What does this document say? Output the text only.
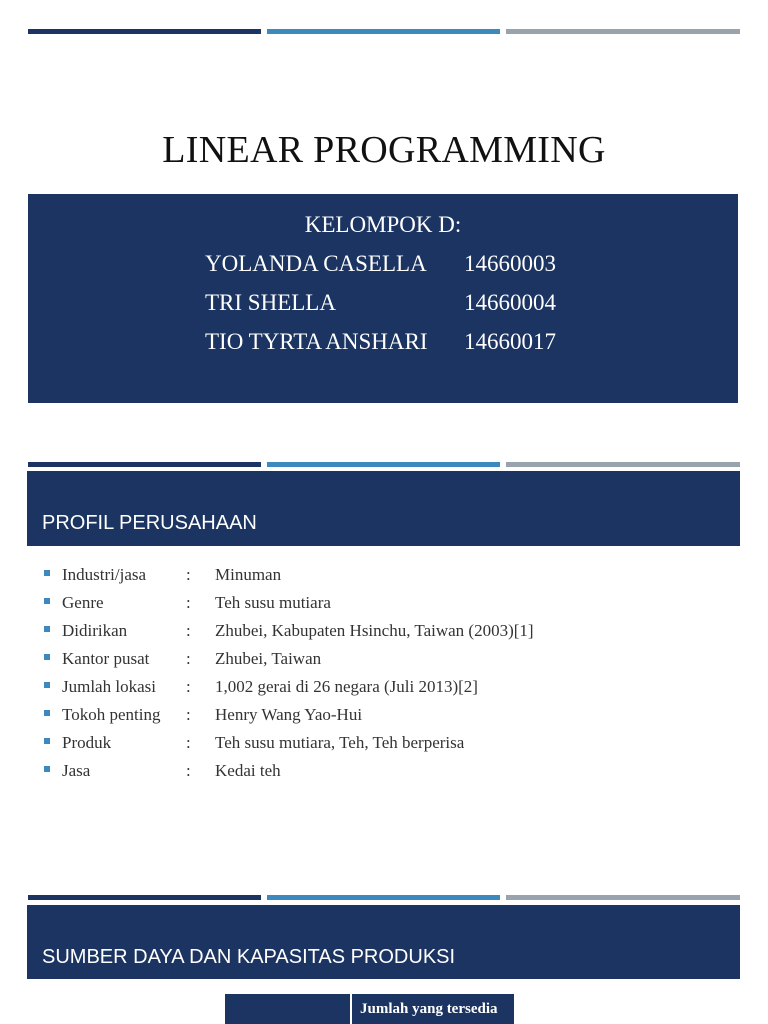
LINEAR PROGRAMMING
KELOMPOK D:
YOLANDA CASELLA 14660003
TRI SHELLA	14660004
TIO TYRTA ANSHARI 14660017
PROFIL PERUSAHAAN
Industri/jasa : Minuman
Genre	: Teh susu mutiara
Didirikan	: Zhubei, Kabupaten Hsinchu, Taiwan (2003)[1]
Kantor pusat : Zhubei, Taiwan
Jumlah lokasi : 1,002 gerai di 26 negara (Juli 2013)[2]
Tokoh penting : Henry Wang Yao-Hui
Produk	: Teh susu mutiara, Teh, Teh berperisa
Jasa	: Kedai teh
SUMBER DAYA DAN KAPASITAS PRODUKSI
Jumlah yang tersedia
